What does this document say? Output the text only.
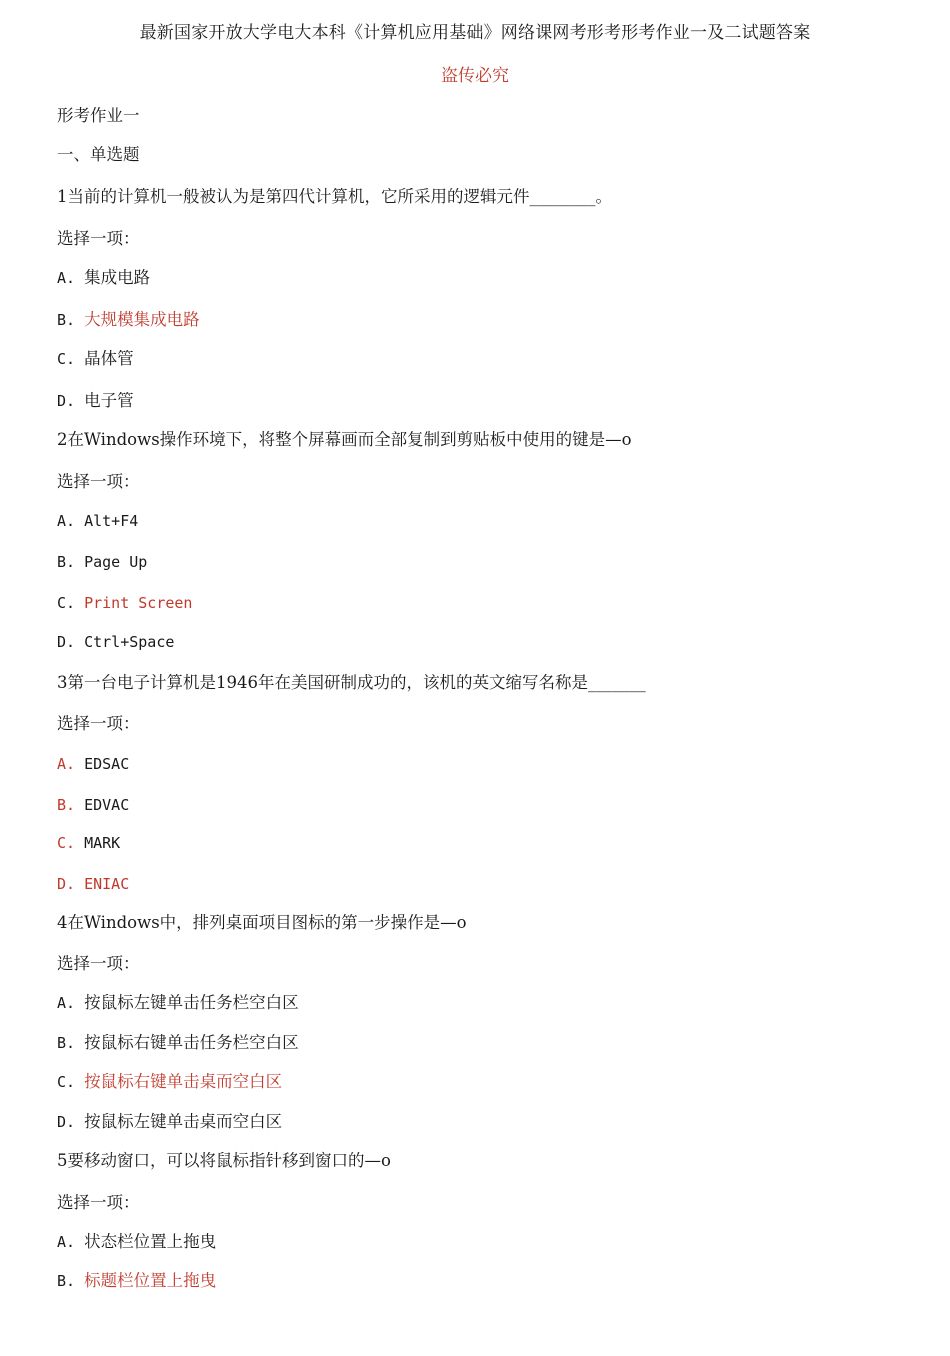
最新国家开放大学电大本科《计算机应用基础》网络课网考形考形考作业一及二试题答案
盗传必究
形考作业一
一、单选题
1当前的计算机一般被认为是第四代计算机，它所采用的逻辑元件________。
选择一项：
A. 集成电路
B. 大规模集成电路
C. 晶体管
D. 电子管
2在Windows操作环境下，将整个屏幕画而全部复制到剪贴板中使用的键是—o
选择一项：
A. Alt+F4
B. Page Up
C. Print Screen
D. Ctrl+Space
3第一台电子计算机是1946年在美国研制成功的，该机的英文缩写名称是_______
选择一项：
A. EDSAC
B. EDVAC
C. MARK
D. ENIAC
4在Windows中，排列桌面项目图标的第一步操作是—o
选择一项：
A. 按鼠标左键单击任务栏空白区
B. 按鼠标右键单击任务栏空白区
C. 按鼠标右键单击桌而空白区
D. 按鼠标左键单击桌而空白区
5要移动窗口，可以将鼠标指针移到窗口的—o
选择一项：
A. 状态栏位置上拖曳
B. 标题栏位置上拖曳
